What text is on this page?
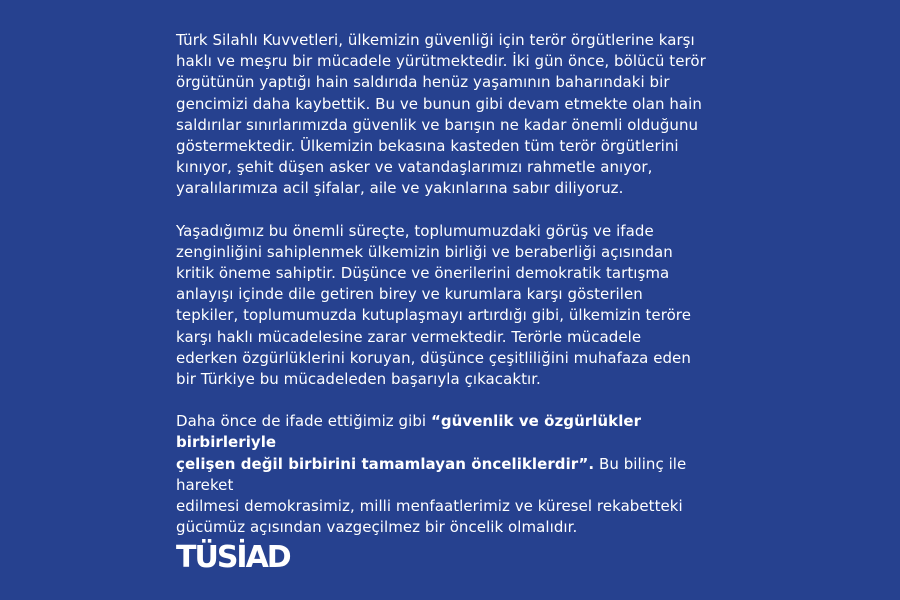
Türk Silahlı Kuvvetleri, ülkemizin güvenliği için terör örgütlerine karşı
haklı ve meşru bir mücadele yürütmektedir. İki gün önce, bölücü terör
örgütünün yaptığı hain saldırıda henüz yaşamının baharındaki bir
gencimizi daha kaybettik. Bu ve bunun gibi devam etmekte olan hain
saldırılar sınırlarımızda güvenlik ve barışın ne kadar önemli olduğunu
göstermektedir. Ülkemizin bekasına kasteden tüm terör örgütlerini
kınıyor, şehit düşen asker ve vatandaşlarımızı rahmetle anıyor,
yaralılarımıza acil şifalar, aile ve yakınlarına sabır diliyoruz.

Yaşadığımız bu önemli süreçte, toplumumuzdaki görüş ve ifade
zenginliğini sahiplenmek ülkemizin birliği ve beraberliği açısından
kritik öneme sahiptir. Düşünce ve önerilerini demokratik tartışma
anlayışı içinde dile getiren birey ve kurumlara karşı gösterilen
tepkiler, toplumumuzda kutuplaşmayı artırdığı gibi, ülkemizin teröre
karşı haklı mücadelesine zarar vermektedir. Terörle mücadele
ederken özgürlüklerini koruyan, düşünce çeşitliliğini muhafaza eden
bir Türkiye bu mücadeleden başarıyla çıkacaktır.

Daha önce de ifade ettiğimiz gibi “güvenlik ve özgürlükler birbirleriyle
çelişen değil birbirini tamamlayan önceliklerdir”. Bu bilinç ile hareket
edilmesi demokrasimiz, milli menfaatlerimiz ve küresel rekabetteki
gücümüz açısından vazgeçilmez bir öncelik olmalıdır.

TÜSİAD
